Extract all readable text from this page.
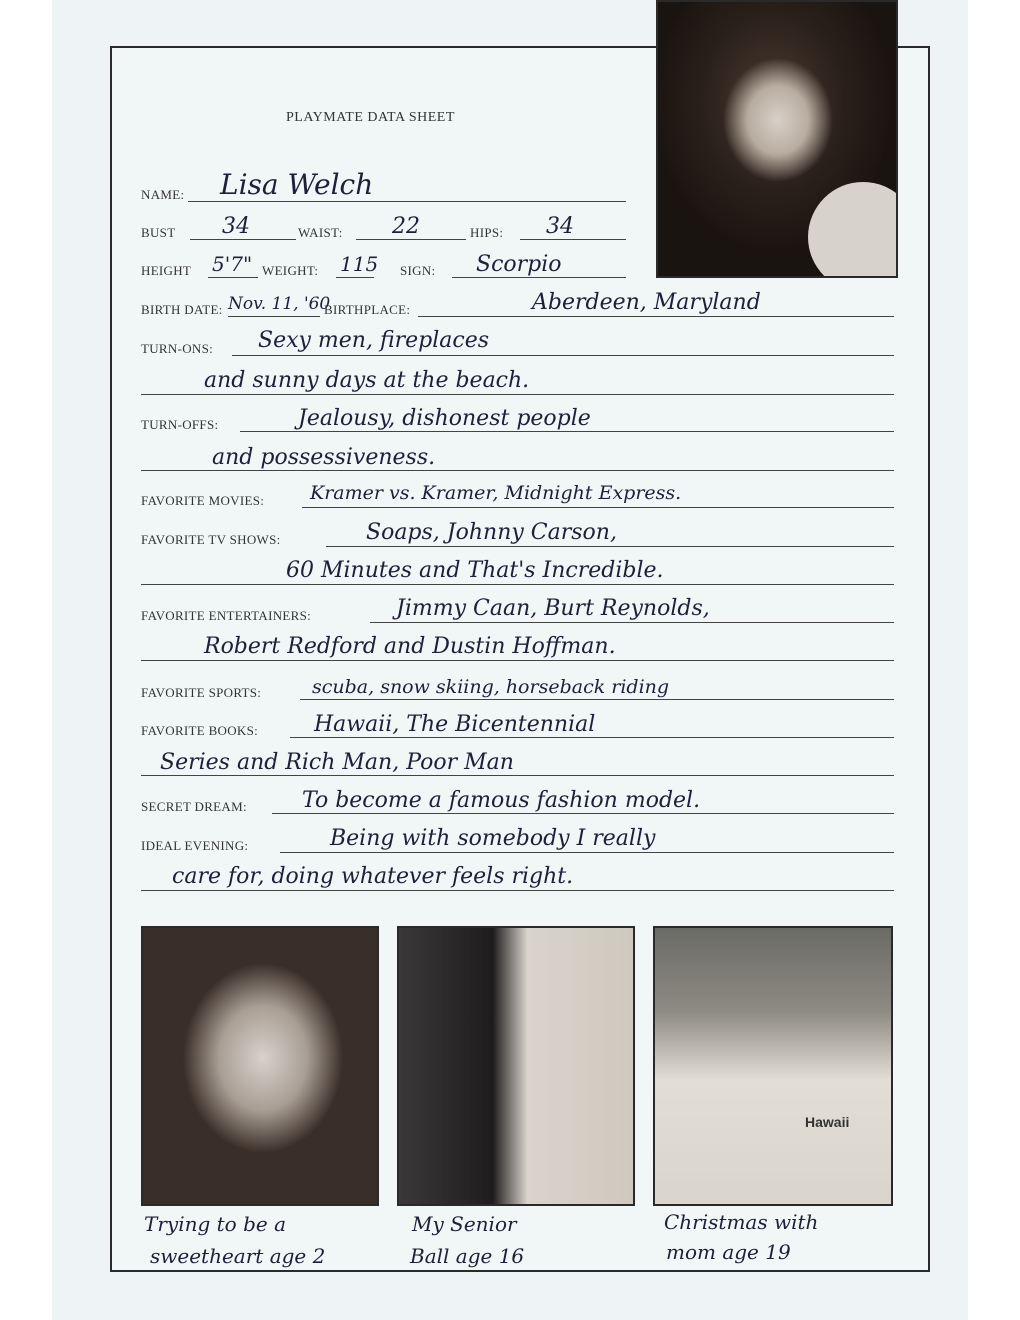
PLAYMATE DATA SHEET
NAME: Lisa Welch
BUST 34	WAIST: 22	HIPS: 34
HEIGHT 5'7" WEIGHT: 115 SIGN: Scorpio
BIRTH DATE: Nov. 11, '60
BIRTHPLACE:	Aberdeen, Maryland
TURN-ONS: Sexy men, fireplaces
and sunny days at the beach.
TURN-OFFS:	Jealousy, dishonest people
and possessiveness.
FAVORITE MOVIES: Kramer vs. Kramer, Midnight Express.
FAVORITE TV SHOWS:	Soaps, Johnny Carson,
60 Minutes and That's Incredible.
FAVORITE ENTERTAINERS:	Jimmy Caan, Burt Reynolds,
Robert Redford and Dustin Hoffman.
FAVORITE SPORTS:	scuba, snow skiing, horseback riding
FAVORITE BOOKS:	Hawaii, The Bicentennial
Series and Rich Man, Poor Man
SECRET DREAM:	To become a famous fashion model.
IDEAL EVENING:	Being with somebody I really
care for, doing whatever feels right.
Hawaii
Trying to be a
sweetheart age 2
My Senior
Ball age 16
Christmas with
mom age 19
